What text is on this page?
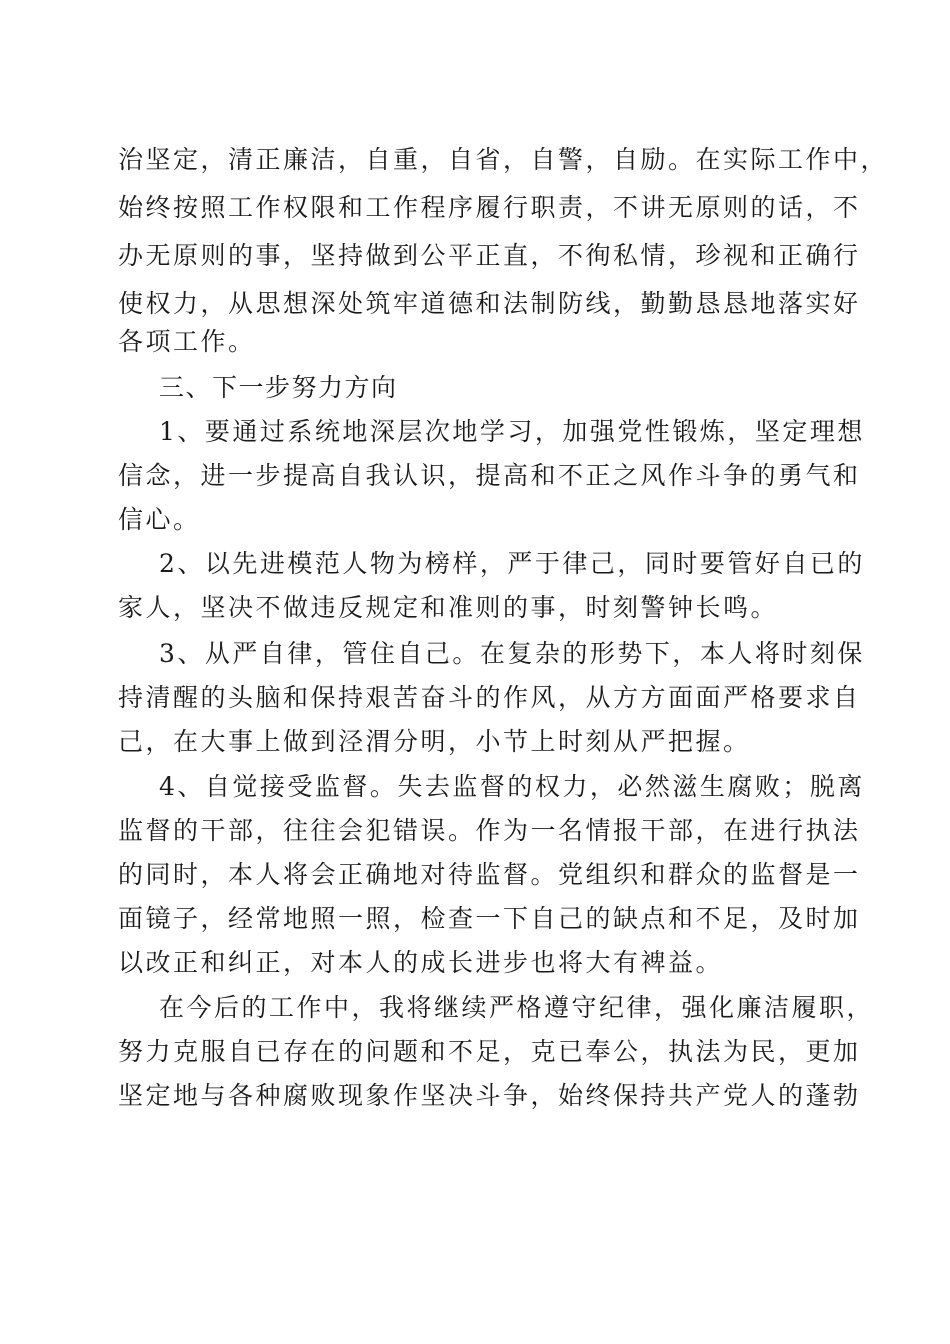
治坚定，清正廉洁，自重，自省，自警，自励。在实际工作中，
始终按照工作权限和工作程序履行职责，不讲无原则的话，不
办无原则的事，坚持做到公平正直，不徇私情，珍视和正确行
使权力，从思想深处筑牢道德和法制防线，勤勤恳恳地落实好
各项工作。
三、下一步努力方向
1、要通过系统地深层次地学习，加强党性锻炼，坚定理想
信念，进一步提高自我认识，提高和不正之风作斗争的勇气和
信心。
2、以先进模范人物为榜样，严于律己，同时要管好自已的
家人，坚决不做违反规定和准则的事，时刻警钟长鸣。
3、从严自律，管住自己。在复杂的形势下，本人将时刻保
持清醒的头脑和保持艰苦奋斗的作风，从方方面面严格要求自
己，在大事上做到泾渭分明，小节上时刻从严把握。
4、自觉接受监督。失去监督的权力，必然滋生腐败；脱离
监督的干部，往往会犯错误。作为一名情报干部，在进行执法
的同时，本人将会正确地对待监督。党组织和群众的监督是一
面镜子，经常地照一照，检查一下自己的缺点和不足，及时加
以改正和纠正，对本人的成长进步也将大有裨益。
在今后的工作中，我将继续严格遵守纪律，强化廉洁履职，
努力克服自已存在的问题和不足，克已奉公，执法为民，更加
坚定地与各种腐败现象作坚决斗争，始终保持共产党人的蓬勃
